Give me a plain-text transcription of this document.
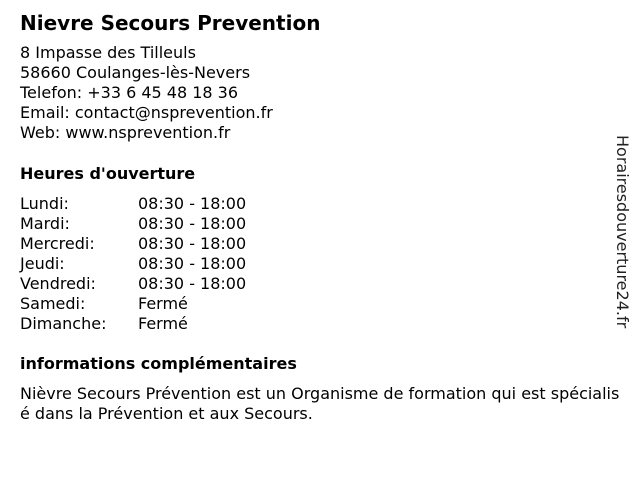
Nievre Secours Prevention
8 Impasse des Tilleuls
58660 Coulanges-lès-Nevers
Telefon: +33 6 45 48 18 36
Email: contact@nsprevention.fr
Web: www.nsprevention.fr
Heures d'ouverture
Lundi:	08:30 - 18:00
Mardi:	08:30 - 18:00
Mercredi:	08:30 - 18:00
Jeudi:	08:30 - 18:00
Vendredi:	08:30 - 18:00
Samedi:	Fermé
Dimanche:	Fermé
informations complémentaires

Nièvre Secours Prévention est un Organisme de formation qui est spécialisé dans la Prévention et aux Secours.

Horairesdouverture24.fr
